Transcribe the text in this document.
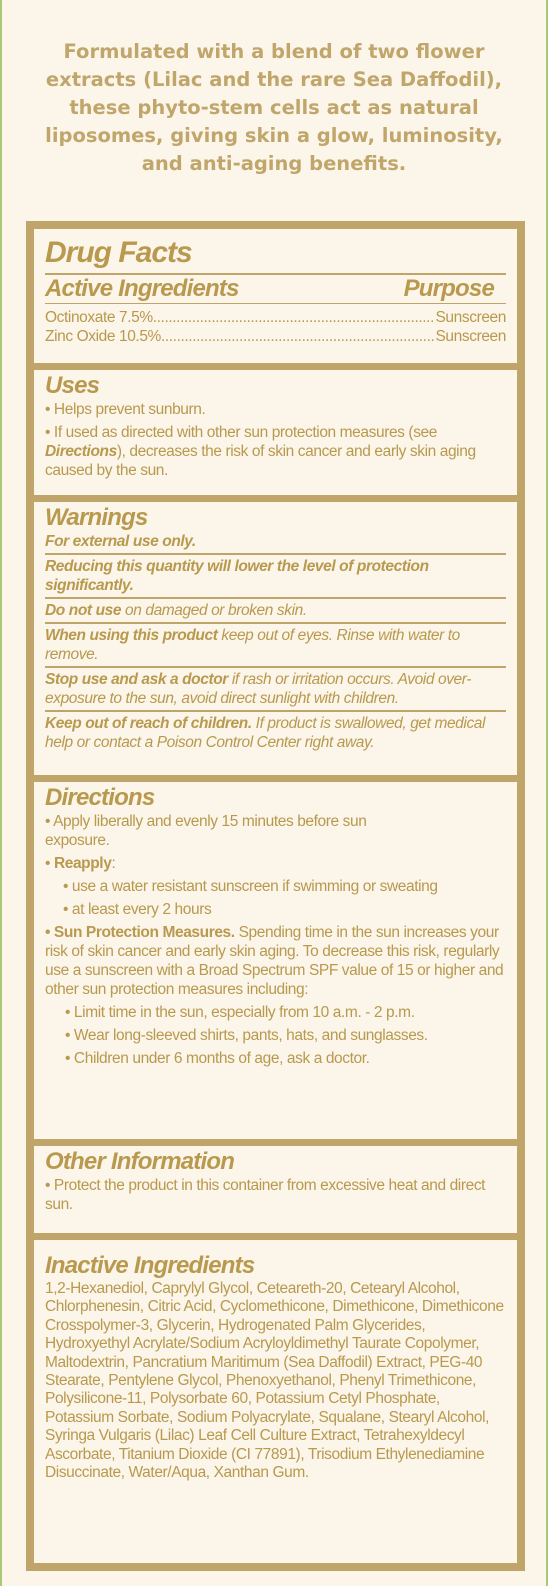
Formulated with a blend of two flower extracts (Lilac and the rare Sea Daffodil), these phyto-stem cells act as natural liposomes, giving skin a glow, luminosity, and anti-aging benefits.
Drug Facts
Active Ingredients	Purpose
Octinoxate 7.5% .....	Sunscreen
Zinc Oxide 10.5% .....	Sunscreen
Uses
• Helps prevent sunburn.
• If used as directed with other sun protection measures (see Directions), decreases the risk of skin cancer and early skin aging caused by the sun.
Warnings
For external use only.
Reducing this quantity will lower the level of protection significantly.
Do not use on damaged or broken skin.
When using this product keep out of eyes. Rinse with water to remove.
Stop use and ask a doctor if rash or irritation occurs. Avoid over-exposure to the sun, avoid direct sunlight with children.
Keep out of reach of children. If product is swallowed, get medical help or contact a Poison Control Center right away.
Directions
• Apply liberally and evenly 15 minutes before sun exposure.
• Reapply:
• use a water resistant sunscreen if swimming or sweating
• at least every 2 hours
• Sun Protection Measures. Spending time in the sun increases your risk of skin cancer and early skin aging. To decrease this risk, regularly use a sunscreen with a Broad Spectrum SPF value of 15 or higher and other sun protection measures including:
• Limit time in the sun, especially from 10 a.m. - 2 p.m.
• Wear long-sleeved shirts, pants, hats, and sunglasses.
• Children under 6 months of age, ask a doctor.
Other Information
• Protect the product in this container from excessive heat and direct sun.
Inactive Ingredients
1,2-Hexanediol, Caprylyl Glycol, Ceteareth-20, Cetearyl Alcohol, Chlorphenesin, Citric Acid, Cyclomethicone, Dimethicone, Dimethicone Crosspolymer-3, Glycerin, Hydrogenated Palm Glycerides, Hydroxyethyl Acrylate/Sodium Acryloyldimethyl Taurate Copolymer, Maltodextrin, Pancratium Maritimum (Sea Daffodil) Extract, PEG-40 Stearate, Pentylene Glycol, Phenoxyethanol, Phenyl Trimethicone, Polysilicone-11, Polysorbate 60, Potassium Cetyl Phosphate, Potassium Sorbate, Sodium Polyacrylate, Squalane, Stearyl Alcohol, Syringa Vulgaris (Lilac) Leaf Cell Culture Extract, Tetrahexyldecyl Ascorbate, Titanium Dioxide (CI 77891), Trisodium Ethylenediamine Disuccinate, Water/Aqua, Xanthan Gum.
